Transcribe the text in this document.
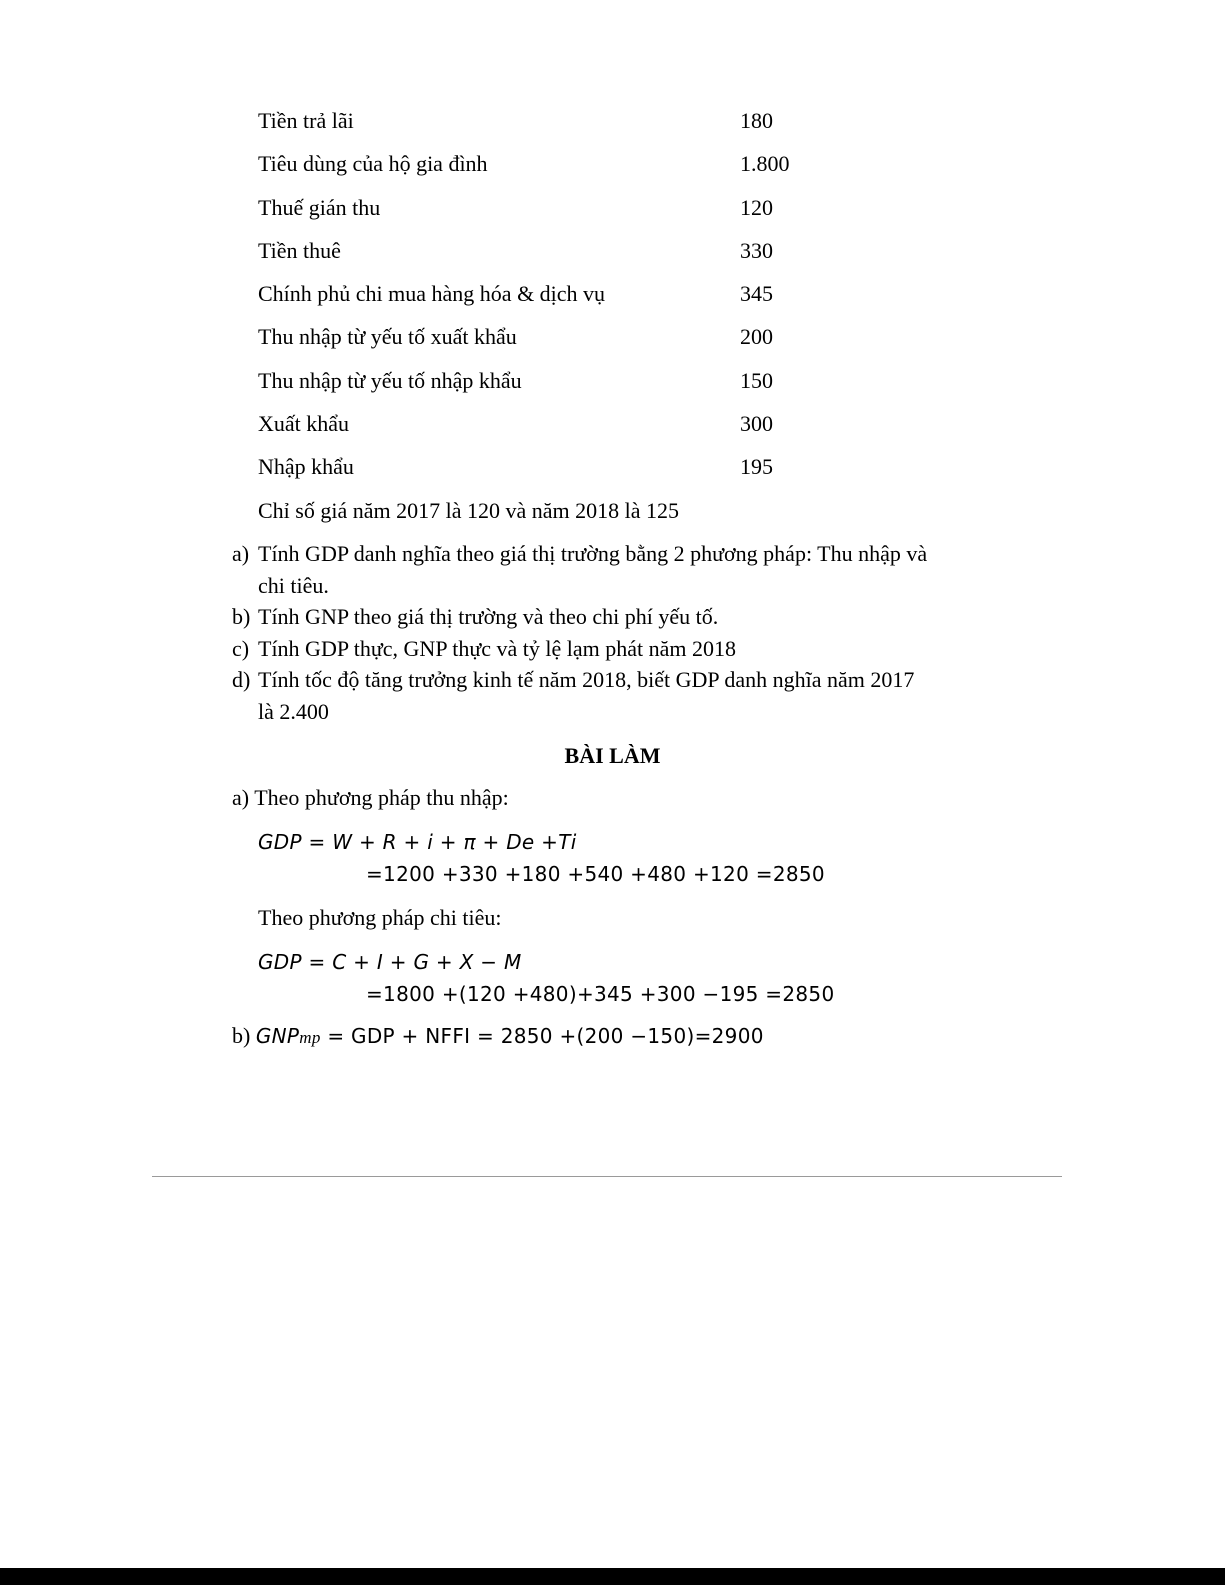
Tiền trả lãi	180
Tiêu dùng của hộ gia đình	1.800
Thuế gián thu	120
Tiền thuê	330
Chính phủ chi mua hàng hóa & dịch vụ	345
Thu nhập từ yếu tố xuất khẩu	200
Thu nhập từ yếu tố nhập khẩu	150
Xuất khẩu	300
Nhập khẩu	195
Chỉ số giá năm 2017 là 120 và năm 2018 là 125

a) Tính GDP danh nghĩa theo giá thị trường bằng 2 phương pháp: Thu nhập và chi tiêu.

b) Tính GNP theo giá thị trường và theo chi phí yếu tố.

c) Tính GDP thực, GNP thực và tỷ lệ lạm phát năm 2018

d) Tính tốc độ tăng trưởng kinh tế năm 2018, biết GDP danh nghĩa năm 2017 là 2.400

BÀI LÀM
a) Theo phương pháp thu nhập:
GDP = W + R + i + π + De +Ti
=1200 +330 +180 +540 +480 +120 =2850
Theo phương pháp chi tiêu:
GDP = C + I + G + X − M
=1800 +(120 +480)+345 +300 −195 =2850
b) GNPmp = GDP + NFFI = 2850 +(200 −150)=2900
